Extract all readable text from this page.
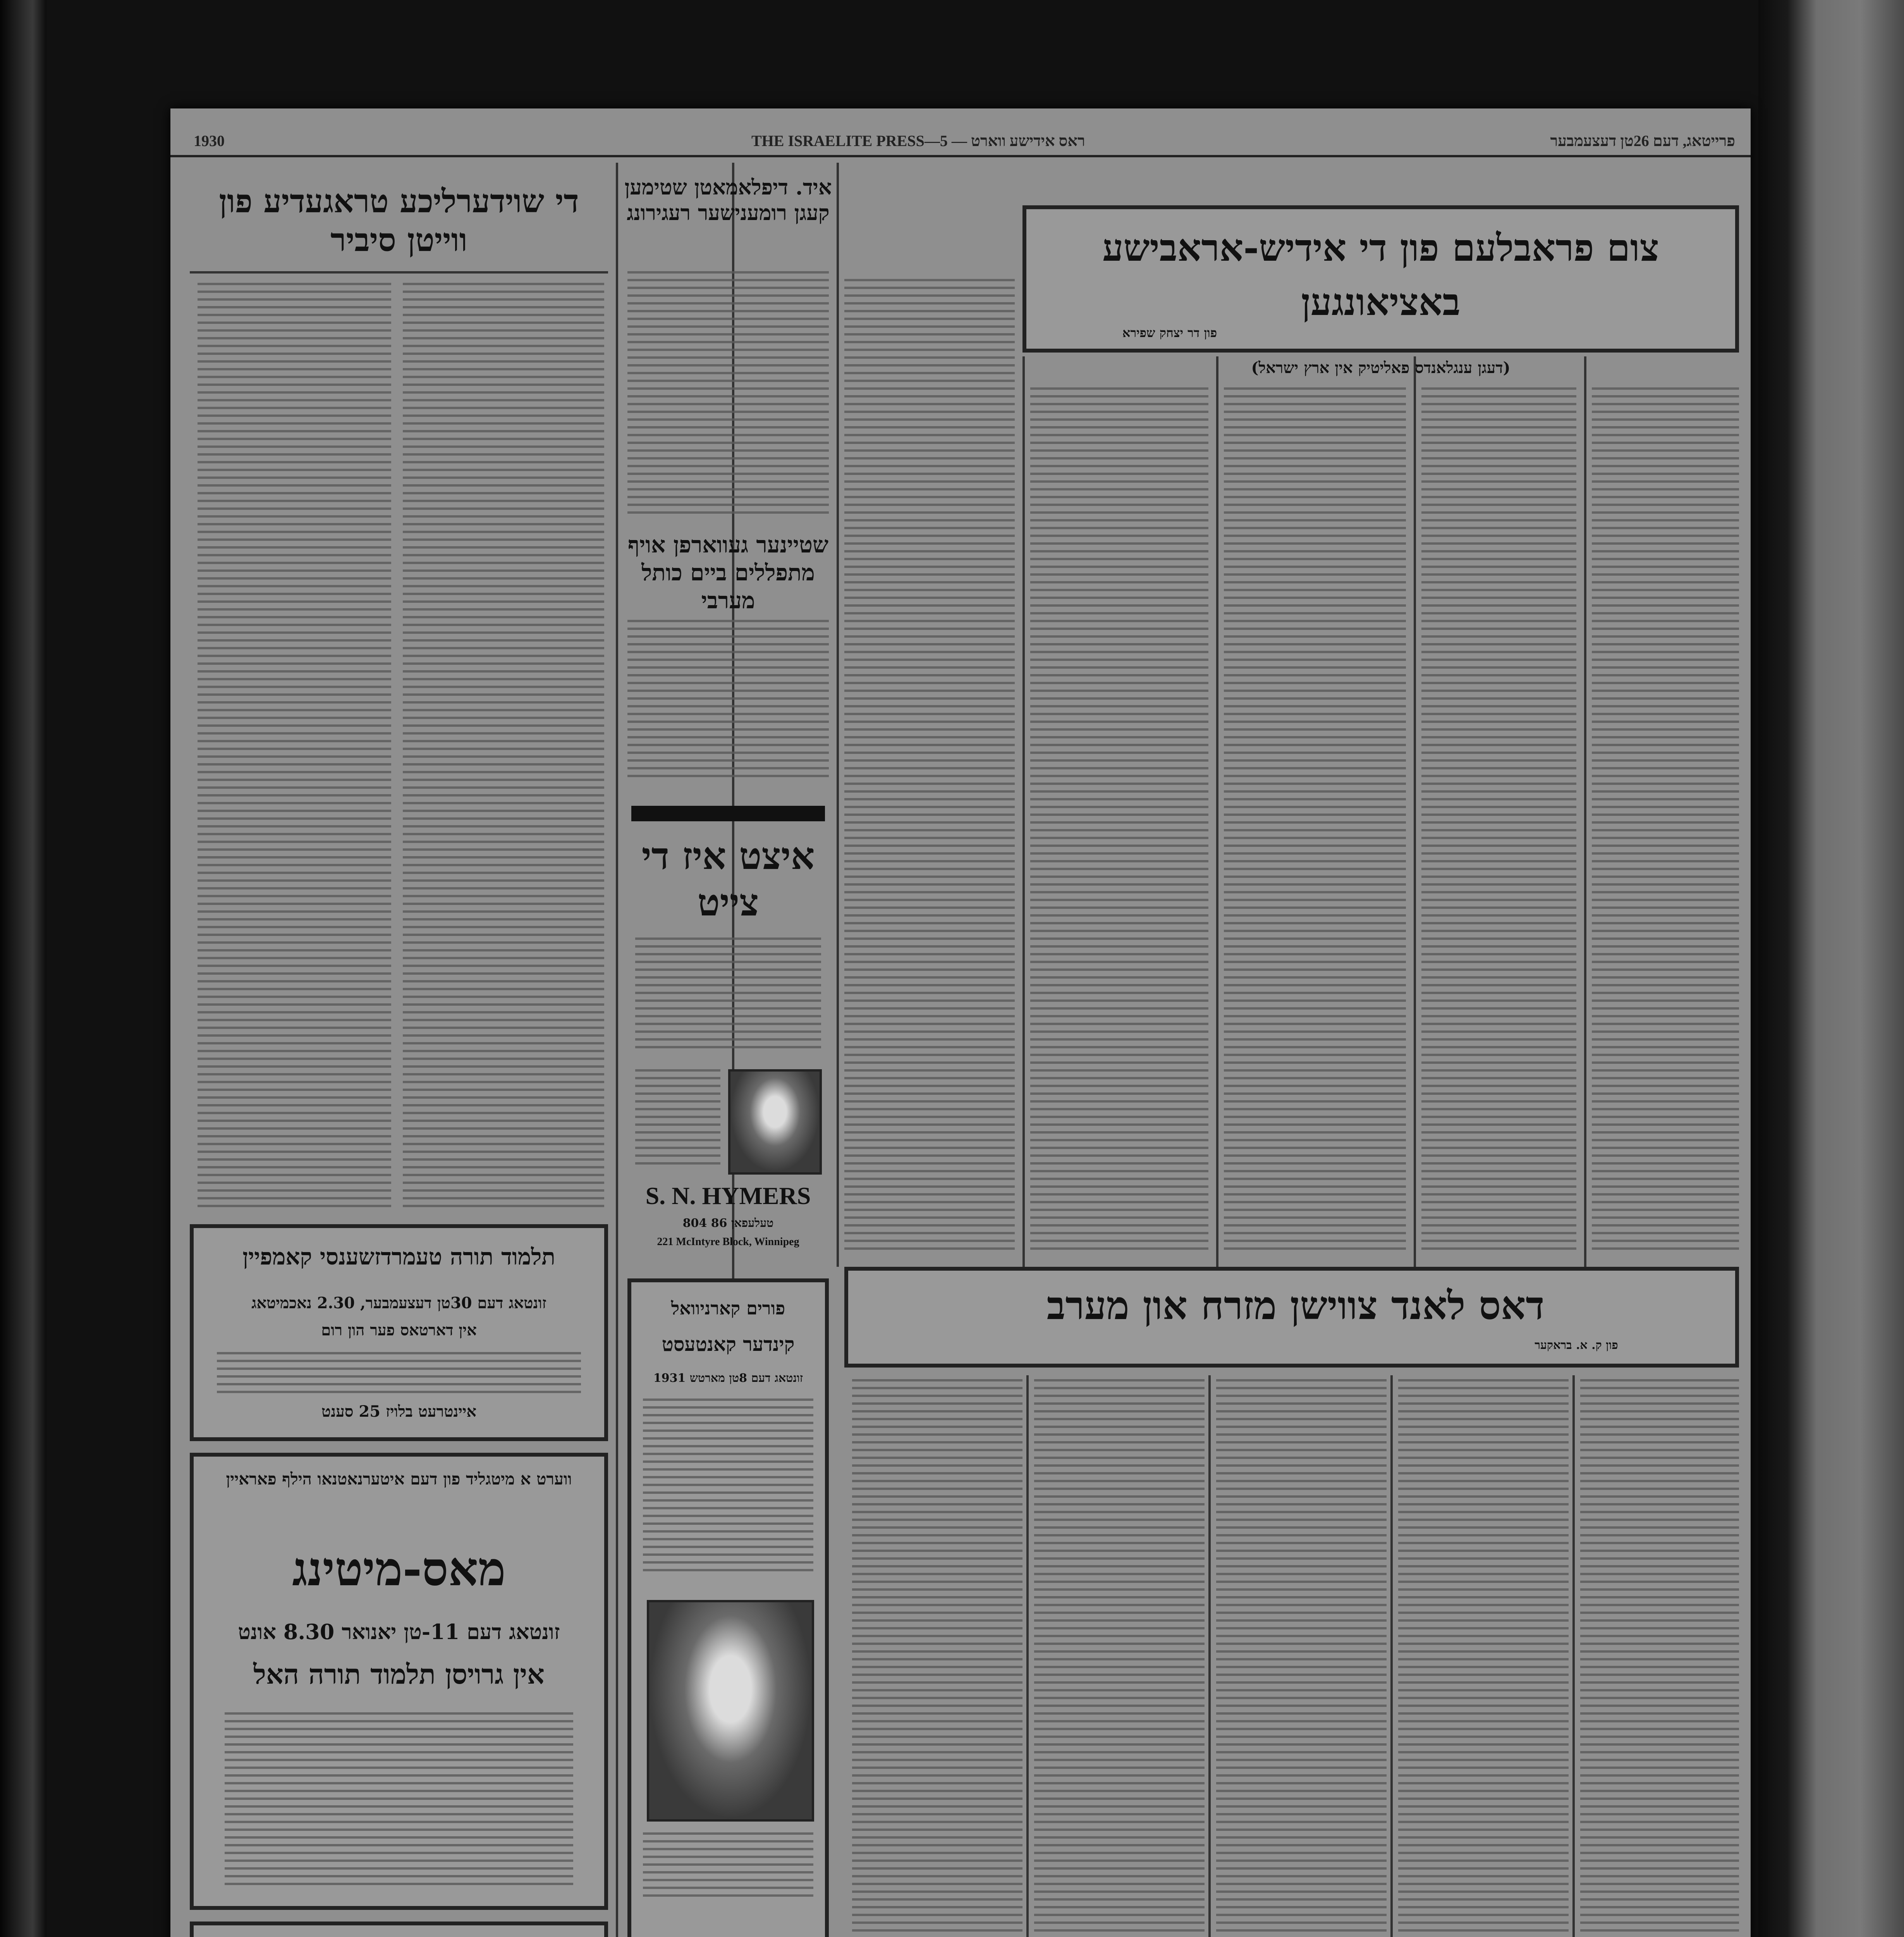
1930	THE ISRAELITE PRESS—5 — ראס אידישע ווארט	פרייטאג, דעם 26טן דעצעמבער
די שוידערליכע טראגעדיע פון ווייטן סיביר
איד. דיפלאמאטן שטימען קעגן רומענישער רעגירונג
שטיינער געווארפן אויף מתפללים ביים כותל מערבי
איצט איז די צייט
S. N. HYMERS
טעלעפאן 86 804
221 McIntyre Block, Winnipeg
צום פראבלעם פון די אידיש-אראבישע באציאונגען
פון דר יצחק שפירא
(דעגן ענגלאנדס פאליטיק אין ארץ ישראל)
דאס לאנד צווישן מזרח און מערב
פון ק. א. בראקער
פורים קארניוואל
קינדער קאנטעסט
זונטאג דעם 8טן מארטש 1931
תלמוד תורה טעמרדזשענסי קאמפיין
זונטאג דעם 30טן דעצעמבער, 2.30 נאכמיטאג
אין דארטאס פער הון רום
איינטרעט בלויז 25 סענט
ווערט א מיטגליד פון דעם איטערנאטנאו הילף פאראיין
מאס-מיטינג
זונטאג דעם 11-טן יאנואר 8.30 אונט
אין גרויסן תלמוד תורה האל
